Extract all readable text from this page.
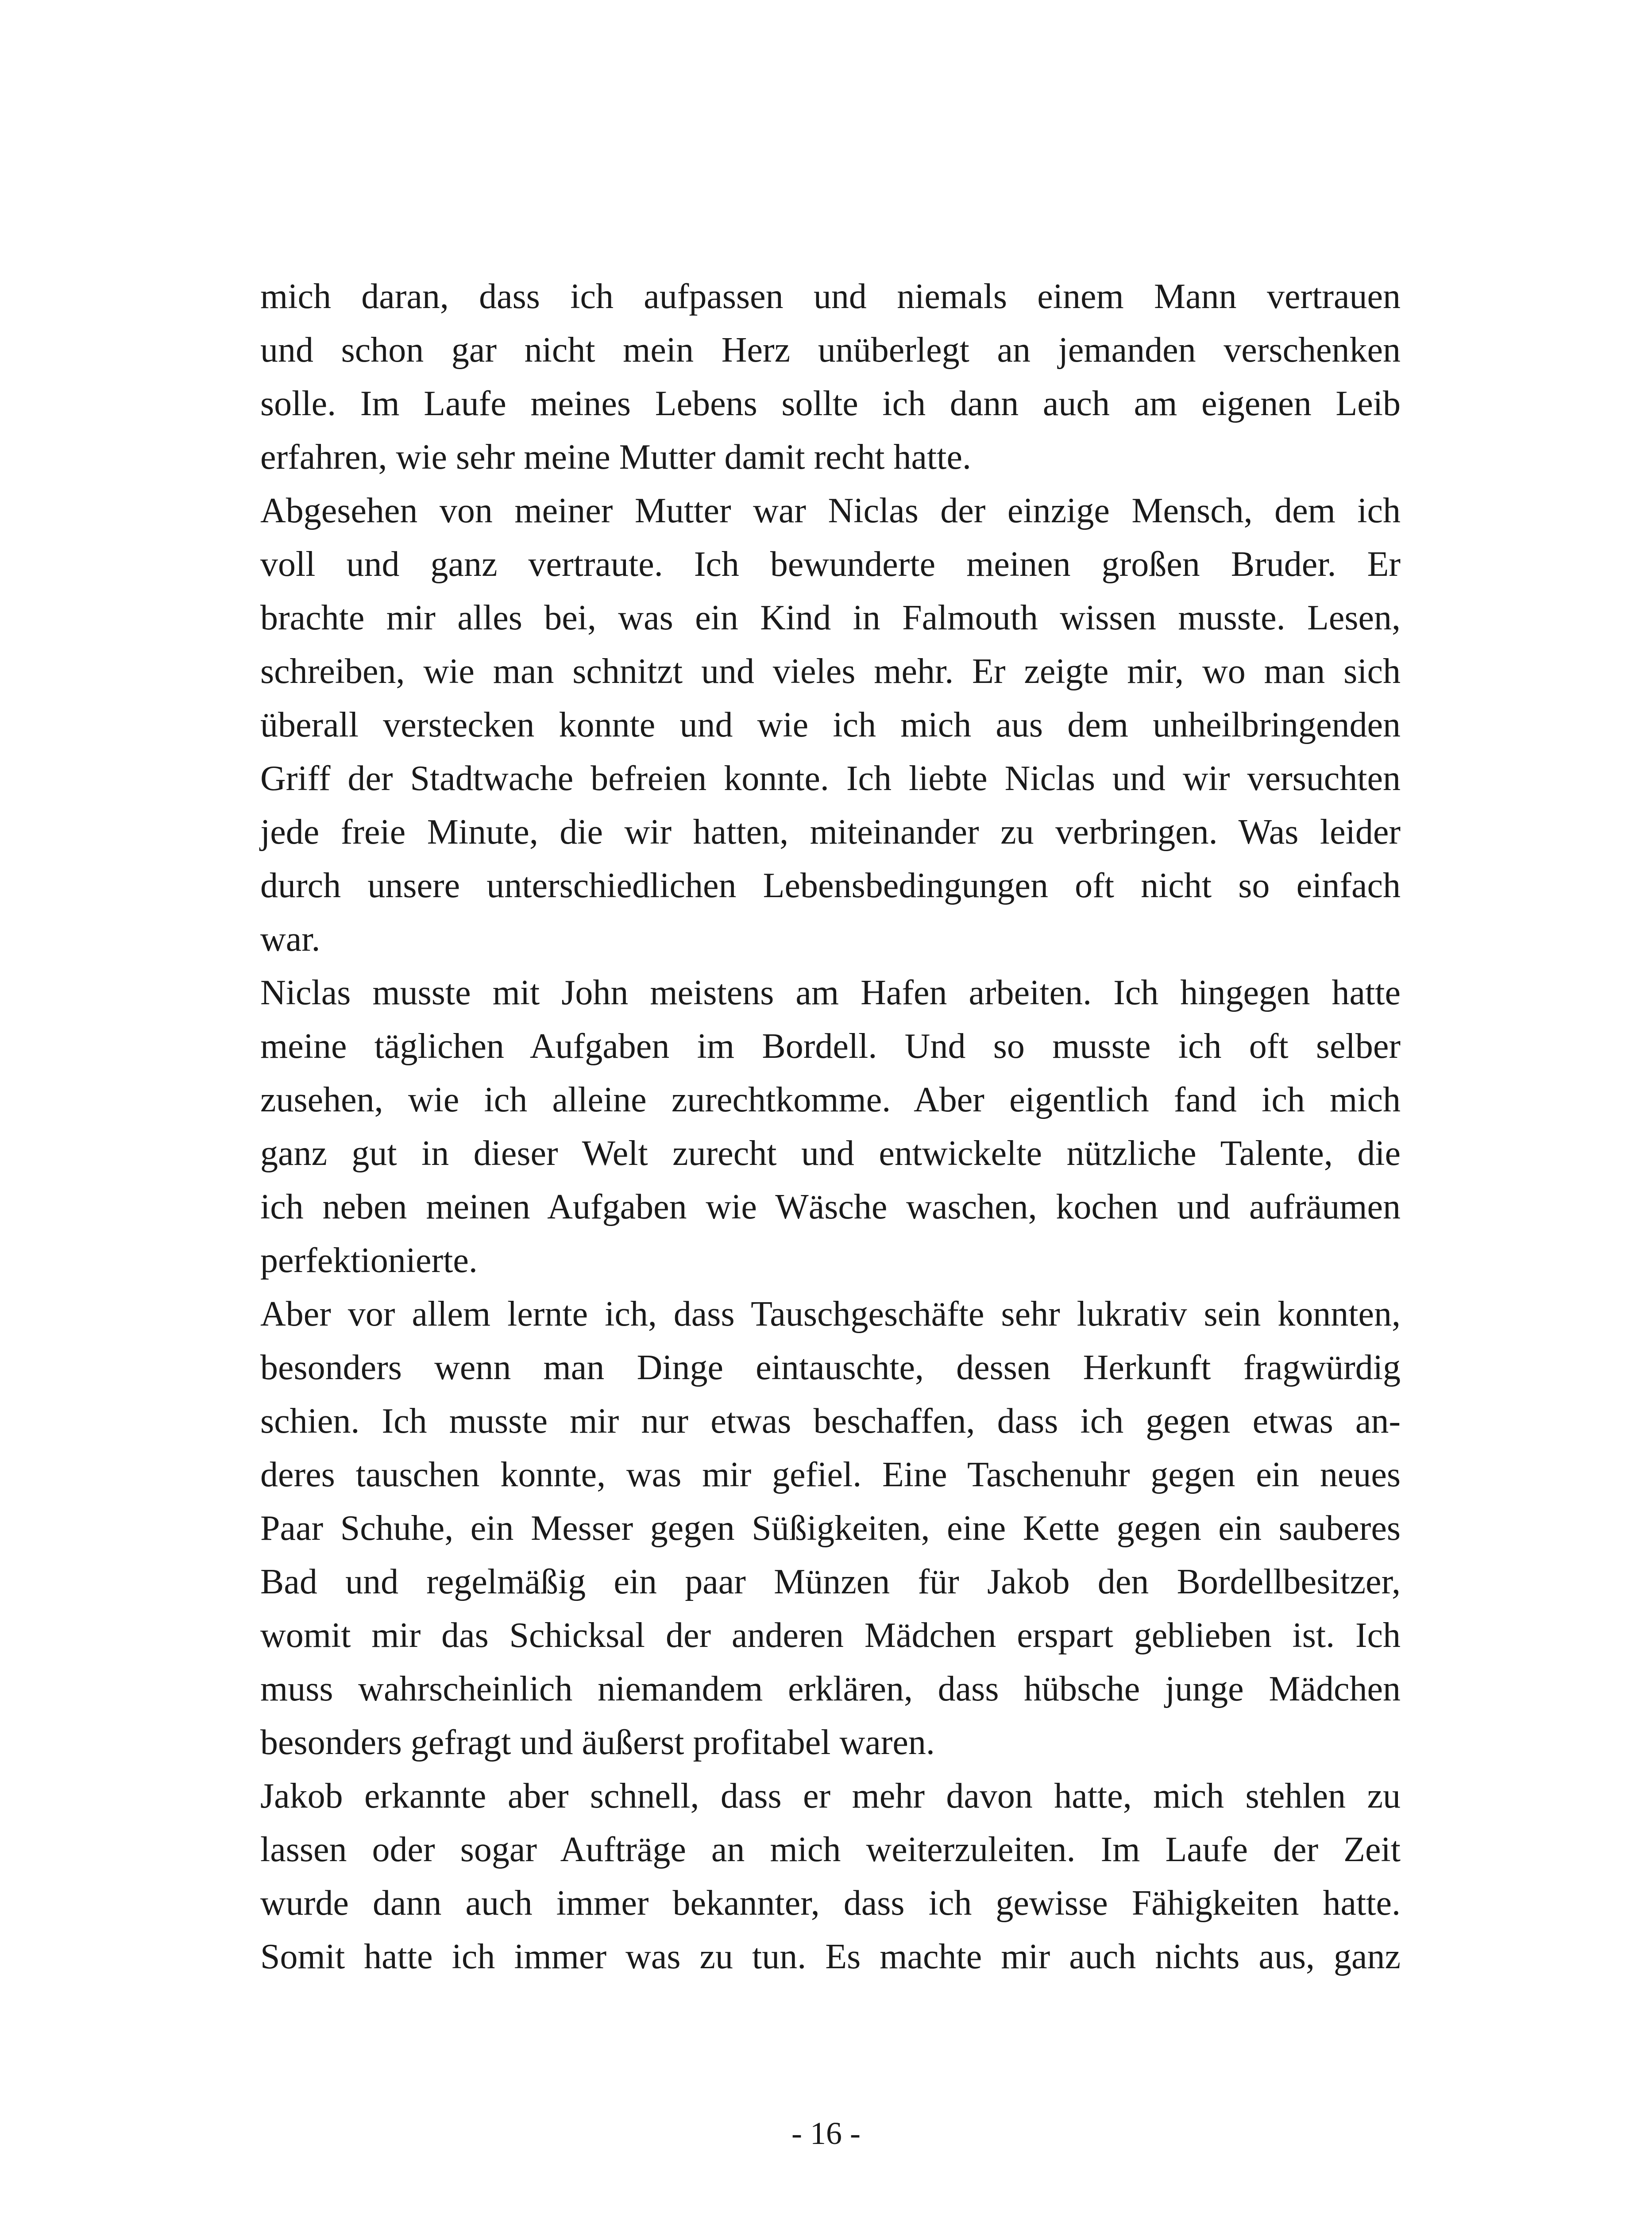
mich daran, dass ich aufpassen und niemals einem Mann vertrauen
und schon gar nicht mein Herz unüberlegt an jemanden verschenken
solle. Im Laufe meines Lebens sollte ich dann auch am eigenen Leib
erfahren, wie sehr meine Mutter damit recht hatte.
Abgesehen von meiner Mutter war Niclas der einzige Mensch, dem ich
voll und ganz vertraute. Ich bewunderte meinen großen Bruder. Er
brachte mir alles bei, was ein Kind in Falmouth wissen musste. Lesen,
schreiben, wie man schnitzt und vieles mehr. Er zeigte mir, wo man sich
überall verstecken konnte und wie ich mich aus dem unheilbringenden
Griff der Stadtwache befreien konnte. Ich liebte Niclas und wir versuchten
jede freie Minute, die wir hatten, miteinander zu verbringen. Was leider
durch unsere unterschiedlichen Lebensbedingungen oft nicht so einfach
war.
Niclas musste mit John meistens am Hafen arbeiten. Ich hingegen hatte
meine täglichen Aufgaben im Bordell. Und so musste ich oft selber
zusehen, wie ich alleine zurechtkomme. Aber eigentlich fand ich mich
ganz gut in dieser Welt zurecht und entwickelte nützliche Talente, die
ich neben meinen Aufgaben wie Wäsche waschen, kochen und aufräumen
perfektionierte.
Aber vor allem lernte ich, dass Tauschgeschäfte sehr lukrativ sein konnten,
besonders wenn man Dinge eintauschte, dessen Herkunft fragwürdig
schien. Ich musste mir nur etwas beschaffen, dass ich gegen etwas an-
deres tauschen konnte, was mir gefiel. Eine Taschenuhr gegen ein neues
Paar Schuhe, ein Messer gegen Süßigkeiten, eine Kette gegen ein sauberes
Bad und regelmäßig ein paar Münzen für Jakob den Bordellbesitzer,
womit mir das Schicksal der anderen Mädchen erspart geblieben ist. Ich
muss wahrscheinlich niemandem erklären, dass hübsche junge Mädchen
besonders gefragt und äußerst profitabel waren.
Jakob erkannte aber schnell, dass er mehr davon hatte, mich stehlen zu
lassen oder sogar Aufträge an mich weiterzuleiten. Im Laufe der Zeit
wurde dann auch immer bekannter, dass ich gewisse Fähigkeiten hatte.
Somit hatte ich immer was zu tun. Es machte mir auch nichts aus, ganz
- 16 -
